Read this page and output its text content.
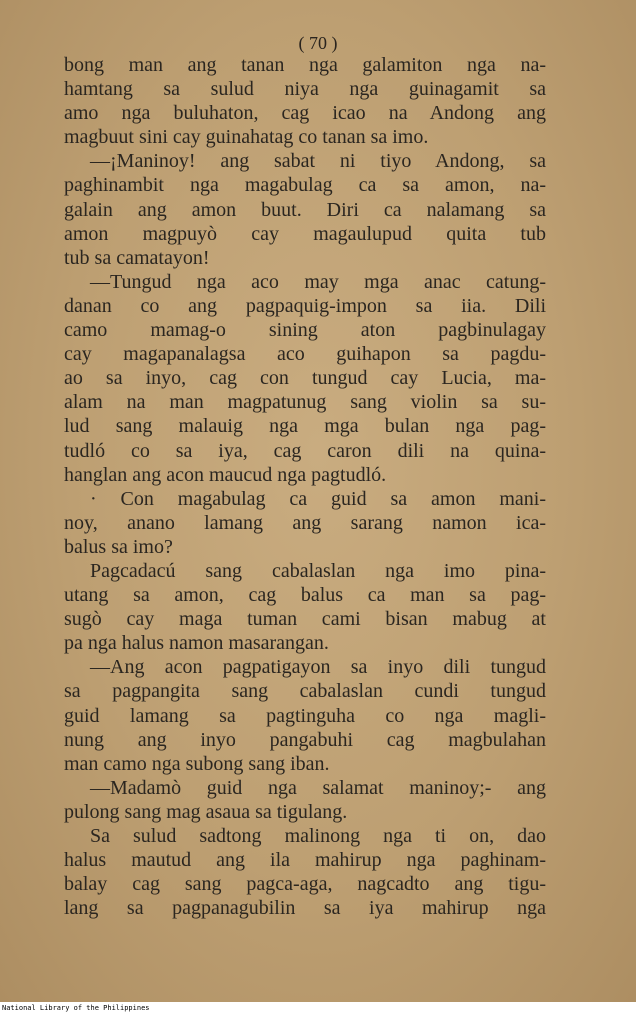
( 70 )
bong man ang tanan nga galamiton nga na-
hamtang sa sulud niya nga guinagamit sa
amo nga buluhaton, cag icao na Andong ang
magbuut sini cay guinahatag co tanan sa imo.
—¡Maninoy! ang sabat ni tiyo Andong, sa
paghinambit nga magabulag ca sa amon, na-
galain ang amon buut. Diri ca nalamang sa
amon magpuyò cay magaulupud quita tub
tub sa camatayon!
—Tungud nga aco may mga anac catung-
danan co ang pagpaquig-impon sa iia. Dili
camo mamag-o sining aton pagbinulagay
cay magapanalagsa aco guihapon sa pagdu-
ao sa inyo, cag con tungud cay Lucia, ma-
alam na man magpatunug sang violin sa su-
lud sang malauig nga mga bulan nga pag-
tudló co sa iya, cag caron dili na quina-
hanglan ang acon maucud nga pagtudló.
· Con magabulag ca guid sa amon mani-
noy, anano lamang ang sarang namon ica-
balus sa imo?
Pagcadacú sang cabalaslan nga imo pina-
utang sa amon, cag balus ca man sa pag-
sugò cay maga tuman cami bisan mabug at
pa nga halus namon masarangan.
—Ang acon pagpatigayon sa inyo dili tungud
sa pagpangita sang cabalaslan cundi tungud
guid lamang sa pagtinguha co nga magli-
nung ang inyo pangabuhi cag magbulahan
man camo nga subong sang iban.
—Madamò guid nga salamat maninoy;- ang
pulong sang mag asaua sa tigulang.
Sa sulud sadtong malinong nga ti on, dao
halus mautud ang ila mahirup nga paghinam-
balay cag sang pagca-aga, nagcadto ang tigu-
lang sa pagpanagubilin sa iya mahirup nga
National Library of the Philippines
